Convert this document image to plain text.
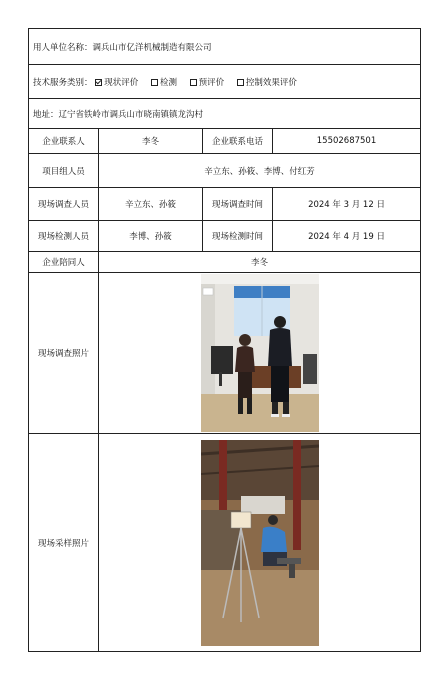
用人单位名称：调兵山市亿洋机械制造有限公司			
技术服务类别： 现状评价 检测 预评价 控制效果评价			
地址：辽宁省铁岭市调兵山市晓南镇镇龙沟村			
企业联系人	李冬	企业联系电话	15502687501
项目组人员	辛立东、孙筱、李博、付红芳		
现场调查人员	辛立东、孙筱	现场调查时间	2024 年 3 月 12 日
现场检测人员	李博、孙筱	现场检测时间	2024 年 4 月 19 日
企业陪同人	李冬		
现场调查照片	

现场采样照片	
